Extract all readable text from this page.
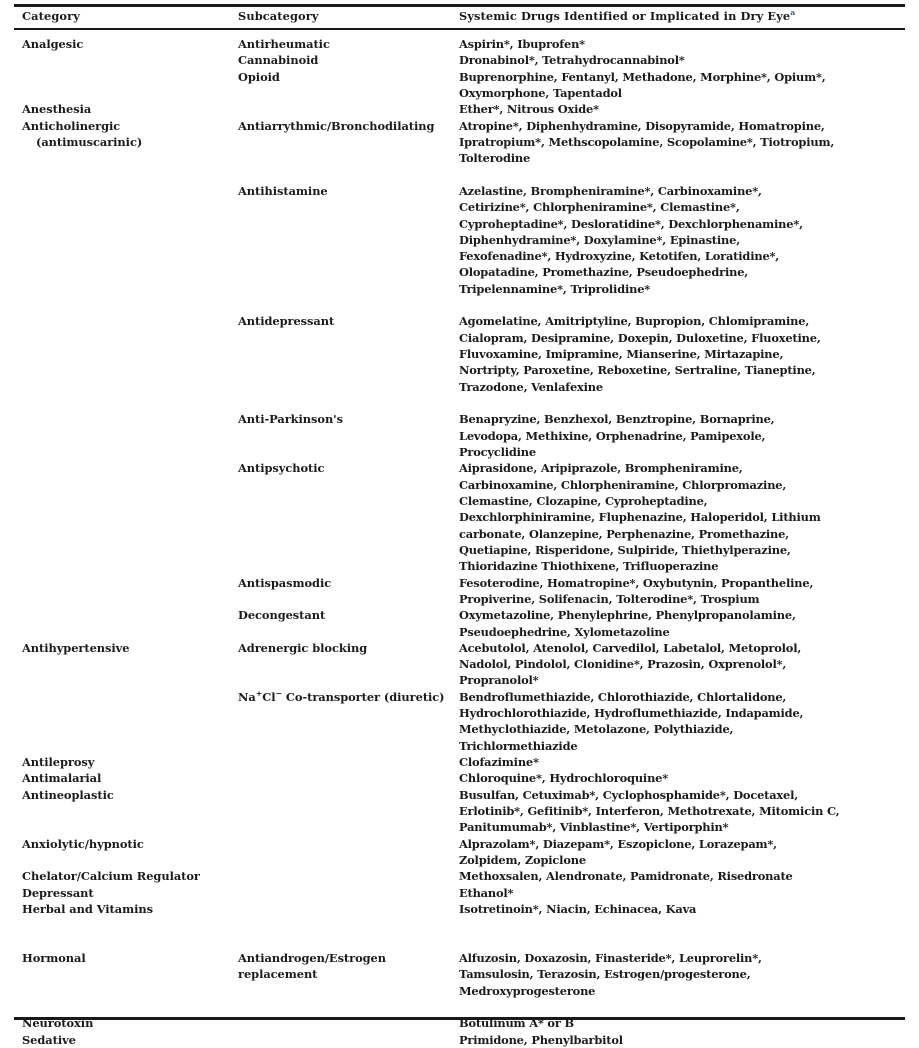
Category	Subcategory	Systemic Drugs Identified or Implicated in Dry Eye$^a$
Analgesic
Anesthesia
Anticholinergic
(antimuscarinic)
Antihypertensive
Antileprosy
Antimalarial
Antineoplastic
Anxiolytic/hypnotic
Chelator/Calcium Regulator
Depressant
Herbal and Vitamins
Hormonal
Neurotoxin
Sedative
Antirheumatic
Cannabinoid
Opioid
Antiarrythmic/Bronchodilating
Antihistamine
Antidepressant
Anti-Parkinson's
Antipsychotic
Antispasmodic
Decongestant
Adrenergic blocking
Na+Cl− Co-transporter (diuretic)
Antiandrogen/Estrogen
replacement
Aspirin*, Ibuprofen*
Dronabinol*, Tetrahydrocannabinol*
Buprenorphine, Fentanyl, Methadone, Morphine*, Opium*,
Oxymorphone, Tapentadol
Ether*, Nitrous Oxide*
Atropine*, Diphenhydramine, Disopyramide, Homatropine,
Ipratropium*, Methscopolamine, Scopolamine*, Tiotropium,
Tolterodine
Azelastine, Brompheniramine*, Carbinoxamine*,
Cetirizine*, Chlorpheniramine*, Clemastine*,
Cyproheptadine*, Desloratidine*, Dexchlorphenamine*,
Diphenhydramine*, Doxylamine*, Epinastine,
Fexofenadine*, Hydroxyzine, Ketotifen, Loratidine*,
Olopatadine, Promethazine, Pseudoephedrine,
Tripelennamine*, Triprolidine*
Agomelatine, Amitriptyline, Bupropion, Chlomipramine,
Cialopram, Desipramine, Doxepin, Duloxetine, Fluoxetine,
Fluvoxamine, Imipramine, Mianserine, Mirtazapine,
Nortripty, Paroxetine, Reboxetine, Sertraline, Tianeptine,
Trazodone, Venlafexine
Benapryzine, Benzhexol, Benztropine, Bornaprine,
Levodopa, Methixine, Orphenadrine, Pamipexole,
Procyclidine
Aiprasidone, Aripiprazole, Brompheniramine,
Carbinoxamine, Chlorpheniramine, Chlorpromazine,
Clemastine, Clozapine, Cyproheptadine,
Dexchlorphiniramine, Fluphenazine, Haloperidol, Lithium
carbonate, Olanzepine, Perphenazine, Promethazine,
Quetiapine, Risperidone, Sulpiride, Thiethylperazine,
Thioridazine Thiothixene, Trifluoperazine
Fesoterodine, Homatropine*, Oxybutynin, Propantheline,
Propiverine, Solifenacin, Tolterodine*, Trospium
Oxymetazoline, Phenylephrine, Phenylpropanolamine,
Pseudoephedrine, Xylometazoline
Acebutolol, Atenolol, Carvedilol, Labetalol, Metoprolol,
Nadolol, Pindolol, Clonidine*, Prazosin, Oxprenolol*,
Propranolol*
Bendroflumethiazide, Chlorothiazide, Chlortalidone,
Hydrochlorothiazide, Hydroflumethiazide, Indapamide,
Methyclothiazide, Metolazone, Polythiazide,
Trichlormethiazide
Clofazimine*
Chloroquine*, Hydrochloroquine*
Busulfan, Cetuximab*, Cyclophosphamide*, Docetaxel,
Erlotinib*, Gefitinib*, Interferon, Methotrexate, Mitomicin C,
Panitumumab*, Vinblastine*, Vertiporphin*
Alprazolam*, Diazepam*, Eszopiclone, Lorazepam*,
Zolpidem, Zopiclone
Methoxsalen, Alendronate, Pamidronate, Risedronate
Ethanol*
Isotretinoin*, Niacin, Echinacea, Kava
Alfuzosin, Doxazosin, Finasteride*, Leuprorelin*,
Tamsulosin, Terazosin, Estrogen/progesterone,
Medroxyprogesterone
Botulinum A* or B
Primidone, Phenylbarbitol
